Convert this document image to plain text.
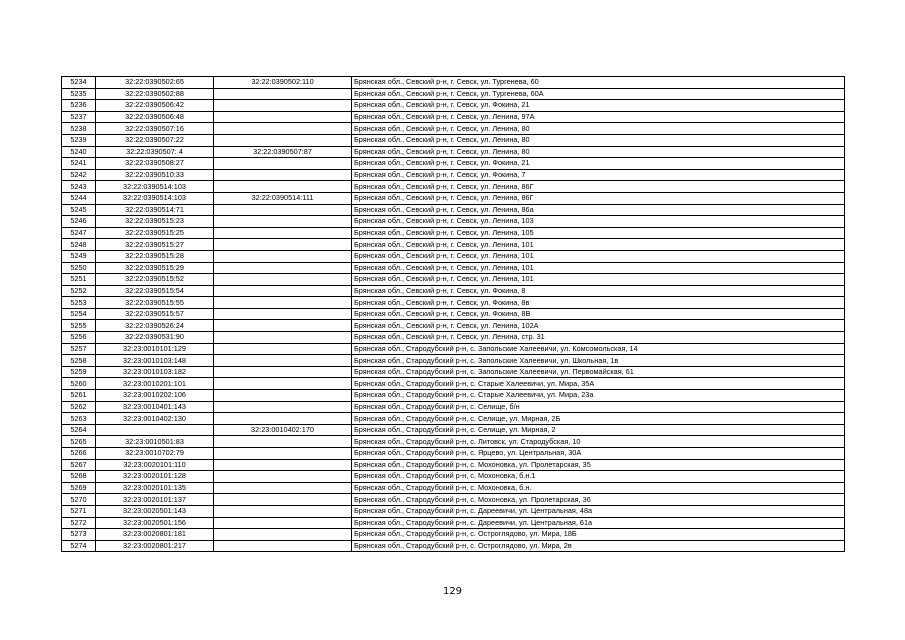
5234	32:22:0390502:65	32:22:0390502:110	Брянская обл., Севский р-н, г. Севск, ул. Тургенева, 60
5235	32:22:0390502:88		Брянская обл., Севский р-н, г. Севск, ул. Тургенева, 60А
5236	32:22:0390506:42		Брянская обл., Севский р-н, г. Севск, ул. Фокина, 21
5237	32:22:0390506:48		Брянская обл., Севский р-н, г. Севск, ул. Ленина, 97А
5238	32:22:0390507:16		Брянская обл., Севский р-н, г. Севск, ул. Ленина, 80
5239	32:22:0390507:22		Брянская обл., Севский р-н, г. Севск, ул. Ленина, 80
5240	32:22:0390507: 4	32:22:0390507:87	Брянская обл., Севский р-н, г. Севск, ул. Ленина, 80
5241	32:22:0390508:27		Брянская обл., Севский р-н, г. Севск, ул. Фокина, 21
5242	32:22:0390510:33		Брянская обл., Севский р-н, г. Севск, ул. Фокина, 7
5243	32:22:0390514:103		Брянская обл., Севский р-н, г. Севск, ул. Ленина, 86Г
5244	32:22:0390514:103	32:22:0390514:111	Брянская обл., Севский р-н, г. Севск, ул. Ленина, 86Г
5245	32:22:0390514:71		Брянская обл., Севский р-н, г. Севск, ул. Ленина, 86а
5246	32:22:0390515:23		Брянская обл., Севский р-н, г. Севск, ул. Ленина, 103
5247	32:22:0390515:25		Брянская обл., Севский р-н, г. Севск, ул. Ленина, 105
5248	32:22:0390515:27		Брянская обл., Севский р-н, г. Севск, ул. Ленина, 101
5249	32:22:0390515:28		Брянская обл., Севский р-н, г. Севск, ул. Ленина, 101
5250	32:22:0390515:29		Брянская обл., Севский р-н, г. Севск, ул. Ленина, 101
5251	32:22:0390515:52		Брянская обл., Севский р-н, г. Севск, ул. Ленина, 101
5252	32:22:0390515:54		Брянская обл., Севский р-н, г. Севск, ул. Фокина, 8
5253	32:22:0390515:55		Брянская обл., Севский р-н, г. Севск, ул. Фокина, 8в
5254	32:22:0390515:57		Брянская обл., Севский р-н, г. Севск, ул. Фокина, 8В
5255	32:22:0390526:24		Брянская обл., Севский р-н, г. Севск, ул. Ленина, 102А
5256	32:22:0390531:90		Брянская обл., Севский р-н, г. Севск, ул. Ленина, стр. 31
5257	32:23:0010101:129		Брянская обл., Стародубский р-н, с. Запольские Халеевичи, ул. Комсомольская, 14
5258	32:23:0010103:148		Брянская обл., Стародубский р-н, с. Запольские Халеевичи, ул. Школьная, 1в
5259	32:23:0010103:182		Брянская обл., Стародубский р-н, с. Запольские Халеевичи, ул. Первомайская, 61
5260	32:23:0010201:101		Брянская обл., Стародубский р-н, с. Старые Халеевичи, ул. Мира, 35А
5261	32:23:0010202:106		Брянская обл., Стародубский р-н, с. Старые Халеевичи, ул. Мира, 23а
5262	32:23:0010401:143		Брянская обл., Стародубский р-н, с. Селище, б/н
5263	32:23:0010402:130		Брянская обл., Стародубский р-н, с. Селище, ул. Мирная, 2Б
5264		32:23:0010402:170	Брянская обл., Стародубский р-н, с. Селище, ул. Мирная, 2
5265	32:23:0010501:83		Брянская обл., Стародубский р-н, с. Литовск, ул. Стародубская, 10
5266	32:23:0010702:79		Брянская обл., Стародубский р-н, с. Ярцево, ул. Центральная, 30А
5267	32:23:0020101:110		Брянская обл., Стародубский р-н, с. Мохоновка, ул. Пролетарская, 35
5268	32:23:0020101:128		Брянская обл., Стародубский р-н, с. Мохоновка, б.н.1
5269	32:23:0020101:135		Брянская обл., Стародубский р-н, с. Мохоновка, б.н.
5270	32:23:0020101:137		Брянская обл., Стародубский р-н, с. Мохоновка, ул. Пролетарская, 36
5271	32:23:0020501:143		Брянская обл., Стародубский р-н, с. Дареевичи, ул. Центральная, 48а
5272	32:23:0020501:156		Брянская обл., Стародубский р-н, с. Дареевичи, ул. Центральная, 61а
5273	32:23:0020801:181		Брянская обл., Стародубский р-н, с. Остроглядово, ул. Мира, 18Б
5274	32:23:0020801:217		Брянская обл., Стародубский р-н, с. Остроглядово, ул. Мира, 2в
129
